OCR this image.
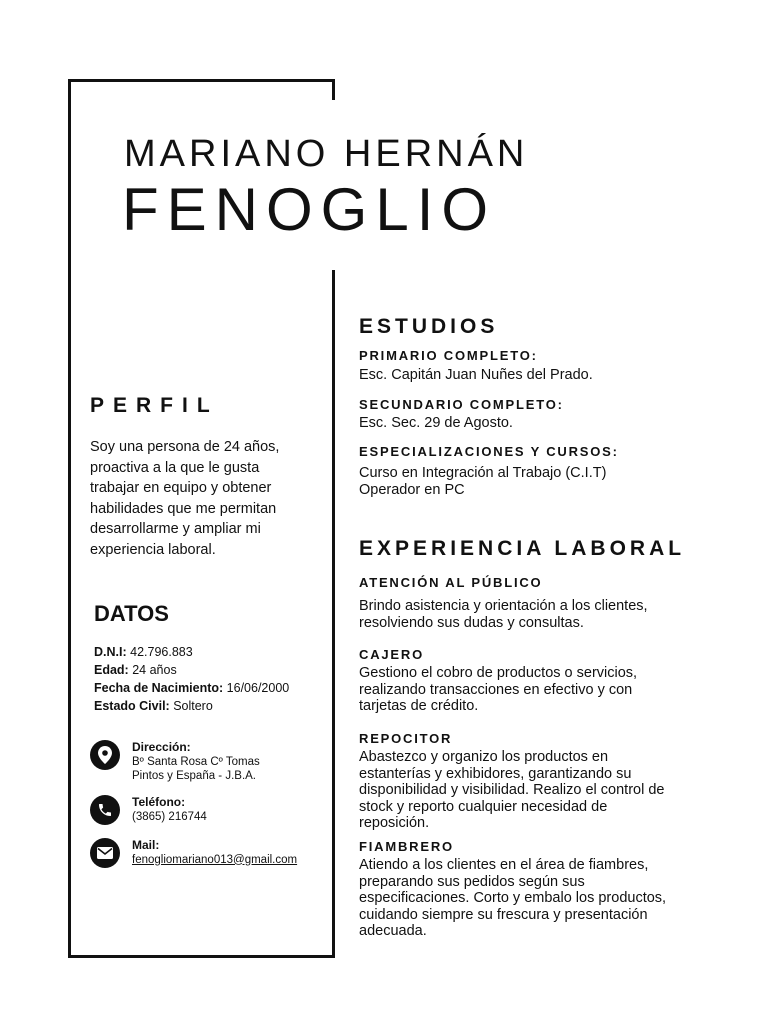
MARIANO HERNÁN
FENOGLIO
PERFIL
Soy una persona de 24 años,
proactiva a la que le gusta
trabajar en equipo y obtener
habilidades que me permitan
desarrollarme y ampliar mi
experiencia laboral.
DATOS
D.N.I: 42.796.883
Edad: 24 años
Fecha de Nacimiento: 16/06/2000
Estado Civil: Soltero
Dirección:
Bº Santa Rosa Cº Tomas
Pintos y España - J.B.A.
Teléfono:
(3865) 216744
Mail:
fenogliomariano013@gmail.com
ESTUDIOS
PRIMARIO COMPLETO:
Esc. Capitán Juan Nuñes del Prado.
SECUNDARIO COMPLETO:
Esc. Sec. 29 de Agosto.
ESPECIALIZACIONES Y CURSOS:
Curso en Integración al Trabajo (C.I.T)
Operador en PC
EXPERIENCIA LABORAL
ATENCIÓN AL PÚBLICO
Brindo asistencia y orientación a los clientes,
resolviendo sus dudas y consultas.
CAJERO
Gestiono el cobro de productos o servicios,
realizando transacciones en efectivo y con
tarjetas de crédito.
REPOCITOR
Abastezco y organizo los productos en
estanterías y exhibidores, garantizando su
disponibilidad y visibilidad. Realizo el control de
stock y reporto cualquier necesidad de
reposición.
FIAMBRERO
Atiendo a los clientes en el área de fiambres,
preparando sus pedidos según sus
especificaciones. Corto y embalo los productos,
cuidando siempre su frescura y presentación
adecuada.
